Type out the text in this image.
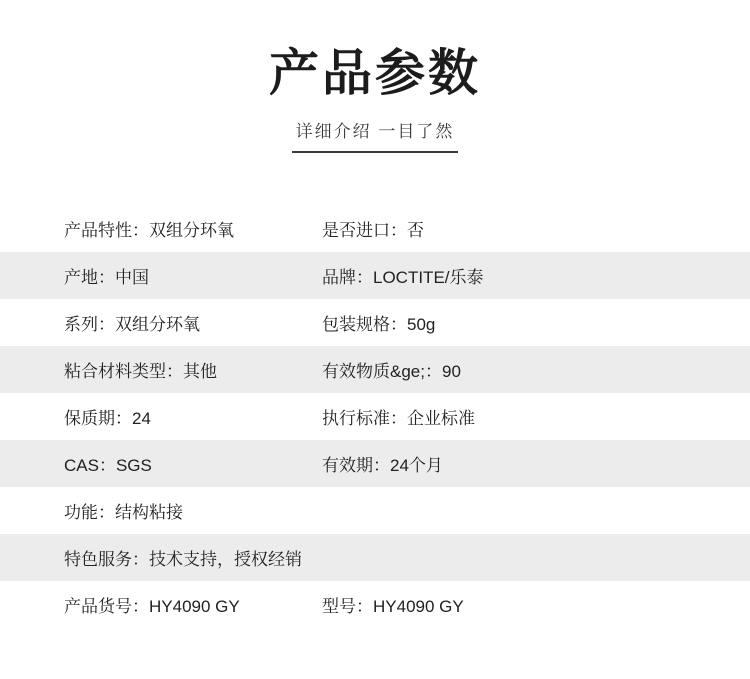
产品参数
详细介绍 一目了然
产品特性：双组分环氧	是否进口：否
产地：中国	品牌：LOCTITE/乐泰
系列：双组分环氧	包装规格：50g
粘合材料类型：其他	有效物质&ge;：90
保质期：24	执行标准：企业标准
CAS：SGS	有效期：24个月
功能：结构粘接
特色服务：技术支持，授权经销
产品货号：HY4090 GY	型号：HY4090 GY
